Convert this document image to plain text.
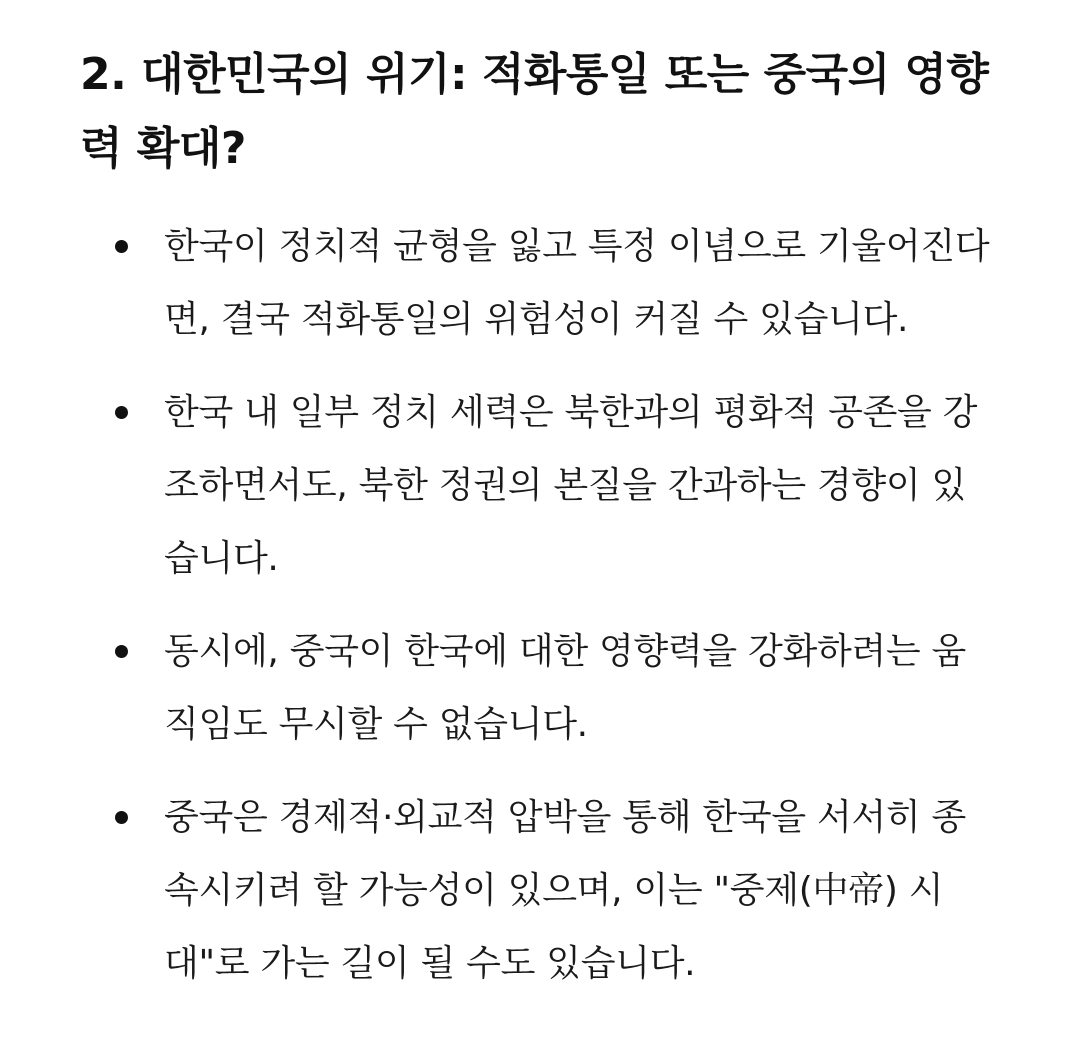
2. 대한민국의 위기: 적화통일 또는 중국의 영향력 확대?
한국이 정치적 균형을 잃고 특정 이념으로 기울어진다면, 결국 적화통일의 위험성이 커질 수 있습니다.
한국 내 일부 정치 세력은 북한과의 평화적 공존을 강조하면서도, 북한 정권의 본질을 간과하는 경향이 있습니다.
동시에, 중국이 한국에 대한 영향력을 강화하려는 움직임도 무시할 수 없습니다.
중국은 경제적·외교적 압박을 통해 한국을 서서히 종속시키려 할 가능성이 있으며, 이는 "중제(中帝) 시대"로 가는 길이 될 수도 있습니다.
